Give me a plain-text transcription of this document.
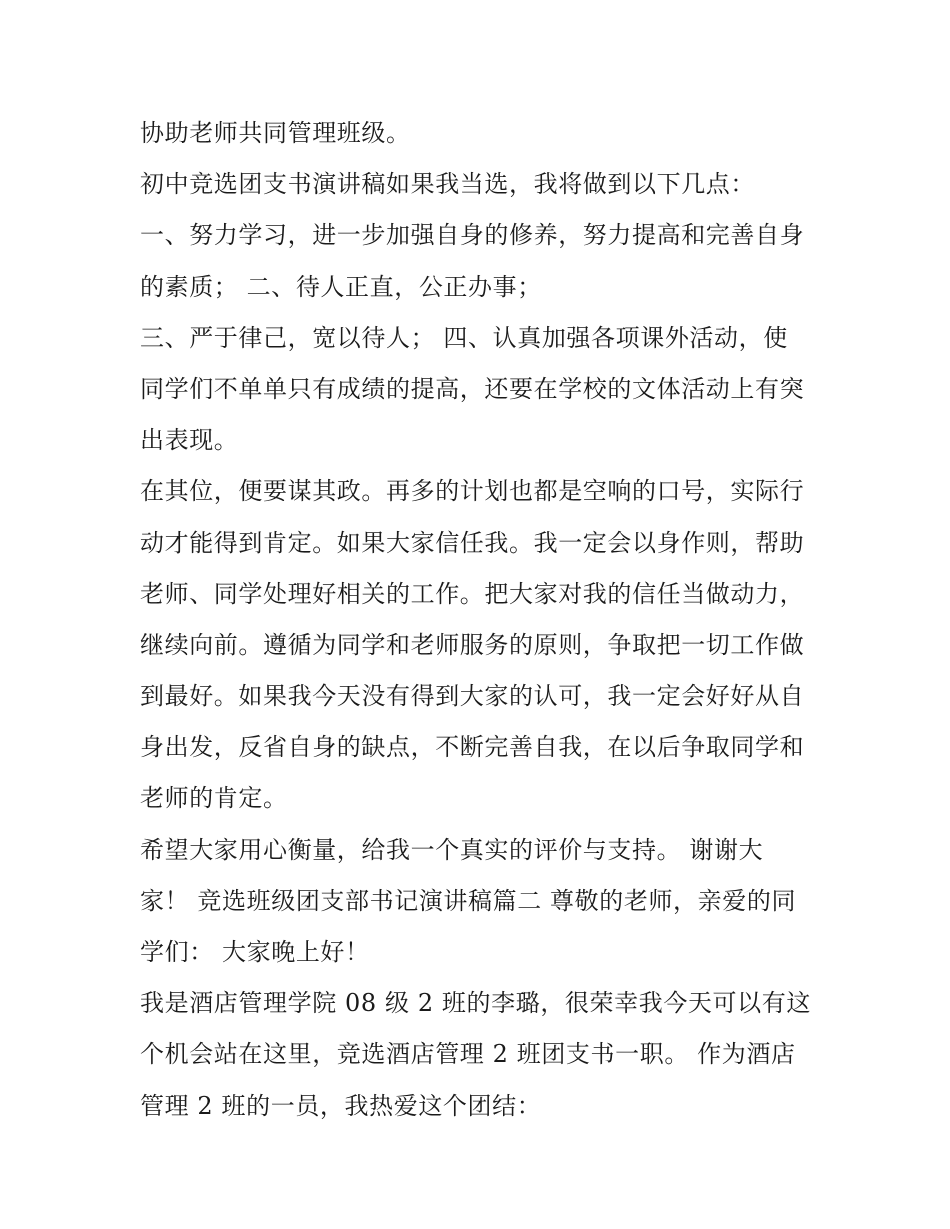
协助老师共同管理班级。
初中竞选团支书演讲稿如果我当选，我将做到以下几点：
一、努力学习，进一步加强自身的修养，努力提高和完善自身
的素质； 二、待人正直，公正办事；
三、严于律己，宽以待人； 四、认真加强各项课外活动，使
同学们不单单只有成绩的提高，还要在学校的文体活动上有突
出表现。
在其位，便要谋其政。再多的计划也都是空响的口号，实际行
动才能得到肯定。如果大家信任我。我一定会以身作则，帮助
老师、同学处理好相关的工作。把大家对我的信任当做动力，
继续向前。遵循为同学和老师服务的原则，争取把一切工作做
到最好。如果我今天没有得到大家的认可，我一定会好好从自
身出发，反省自身的缺点，不断完善自我，在以后争取同学和
老师的肯定。
希望大家用心衡量，给我一个真实的评价与支持。 谢谢大
家！ 竞选班级团支部书记演讲稿篇二 尊敬的老师，亲爱的同
学们： 大家晚上好！
我是酒店管理学院 08 级 2 班的李璐，很荣幸我今天可以有这
个机会站在这里，竞选酒店管理 2 班团支书一职。 作为酒店
管理 2 班的一员，我热爱这个团结：
